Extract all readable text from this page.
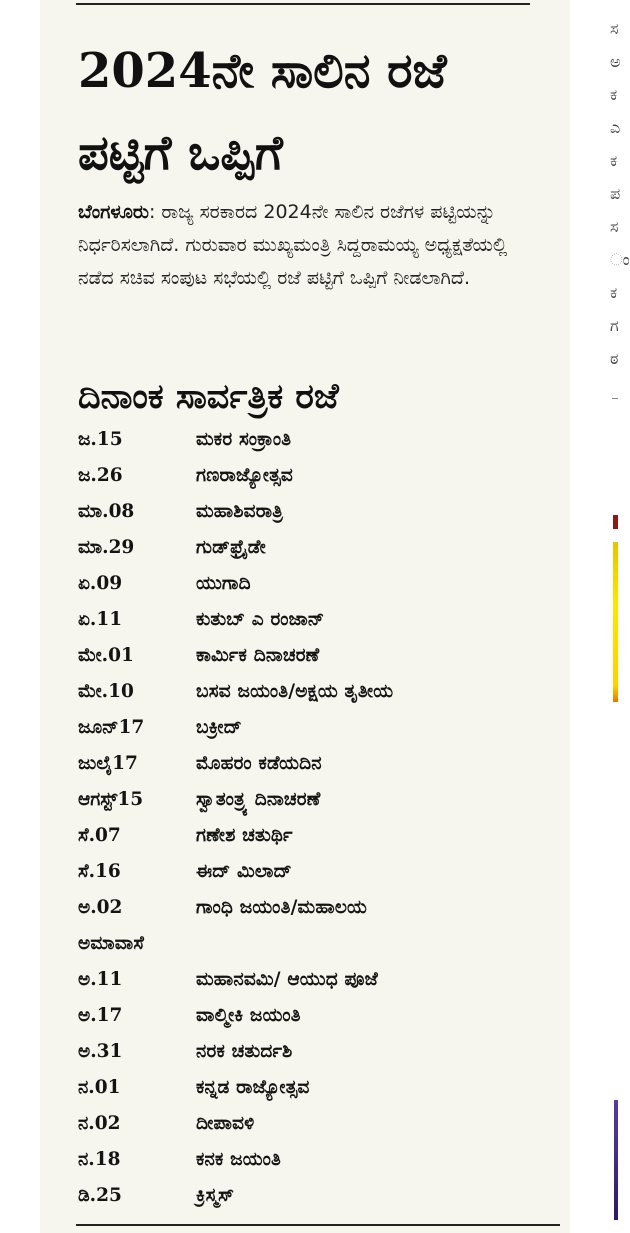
2024ನೇ ಸಾಲಿನ ರಜೆ
ಪಟ್ಟಿಗೆ ಒಪ್ಪಿಗೆ

ಬೆಂಗಳೂರು: ರಾಜ್ಯ ಸರಕಾರದ 2024ನೇ ಸಾಲಿನ ರಜೆಗಳ ಪಟ್ಟಿಯನ್ನು ನಿರ್ಧರಿಸಲಾಗಿದೆ. ಗುರುವಾರ ಮುಖ್ಯಮಂತ್ರಿ ಸಿದ್ದರಾಮಯ್ಯ ಅಧ್ಯಕ್ಷತೆಯಲ್ಲಿ ನಡೆದ ಸಚಿವ ಸಂಪುಟ ಸಭೆಯಲ್ಲಿ ರಜೆ ಪಟ್ಟಿಗೆ ಒಪ್ಪಿಗೆ ನೀಡಲಾಗಿದೆ.

ದಿನಾಂಕ ಸಾರ್ವತ್ರಿಕ ರಜೆ
ಜ.15	ಮಕರ ಸಂಕ್ರಾಂತಿ
ಜ.26	ಗಣರಾಜ್ಯೋತ್ಸವ
ಮಾ.08	ಮಹಾಶಿವರಾತ್ರಿ
ಮಾ.29	ಗುಡ್‌ಫ್ರೈಡೇ
ಏ.09	ಯುಗಾದಿ
ಏ.11	ಕುತುಬ್ ಎ ರಂಜಾನ್
ಮೇ.01	ಕಾರ್ಮಿಕ ದಿನಾಚರಣೆ
ಮೇ.10	ಬಸವ ಜಯಂತಿ/ಅಕ್ಷಯ ತೃತೀಯ
ಜೂನ್17	ಬಕ್ರೀದ್
ಜುಲೈ17	ಮೊಹರಂ ಕಡೆಯದಿನ
ಆಗಸ್ಟ್15	ಸ್ವಾತಂತ್ರ್ಯ ದಿನಾಚರಣೆ
ಸೆ.07	ಗಣೇಶ ಚತುರ್ಥಿ
ಸೆ.16	ಈದ್ ಮಿಲಾದ್
ಅ.02	ಗಾಂಧಿ ಜಯಂತಿ/ಮಹಾಲಯ
ಅಮಾವಾಸೆ
ಅ.11	ಮಹಾನವಮಿ/ ಆಯುಧ ಪೂಜೆ
ಅ.17	ವಾಲ್ಮೀಕಿ ಜಯಂತಿ
ಅ.31	ನರಕ ಚತುರ್ದಶಿ
ನ.01	ಕನ್ನಡ ರಾಜ್ಯೋತ್ಸವ
ನ.02	ದೀಪಾವಳಿ
ನ.18	ಕನಕ ಜಯಂತಿ
ಡಿ.25	ಕ್ರಿಸ್ಮಸ್
ಸ
ಅ
ಕ
ಎ
ಕ
ಪ
ಸ
ಂ
ಕ
ಗ
ಠ
